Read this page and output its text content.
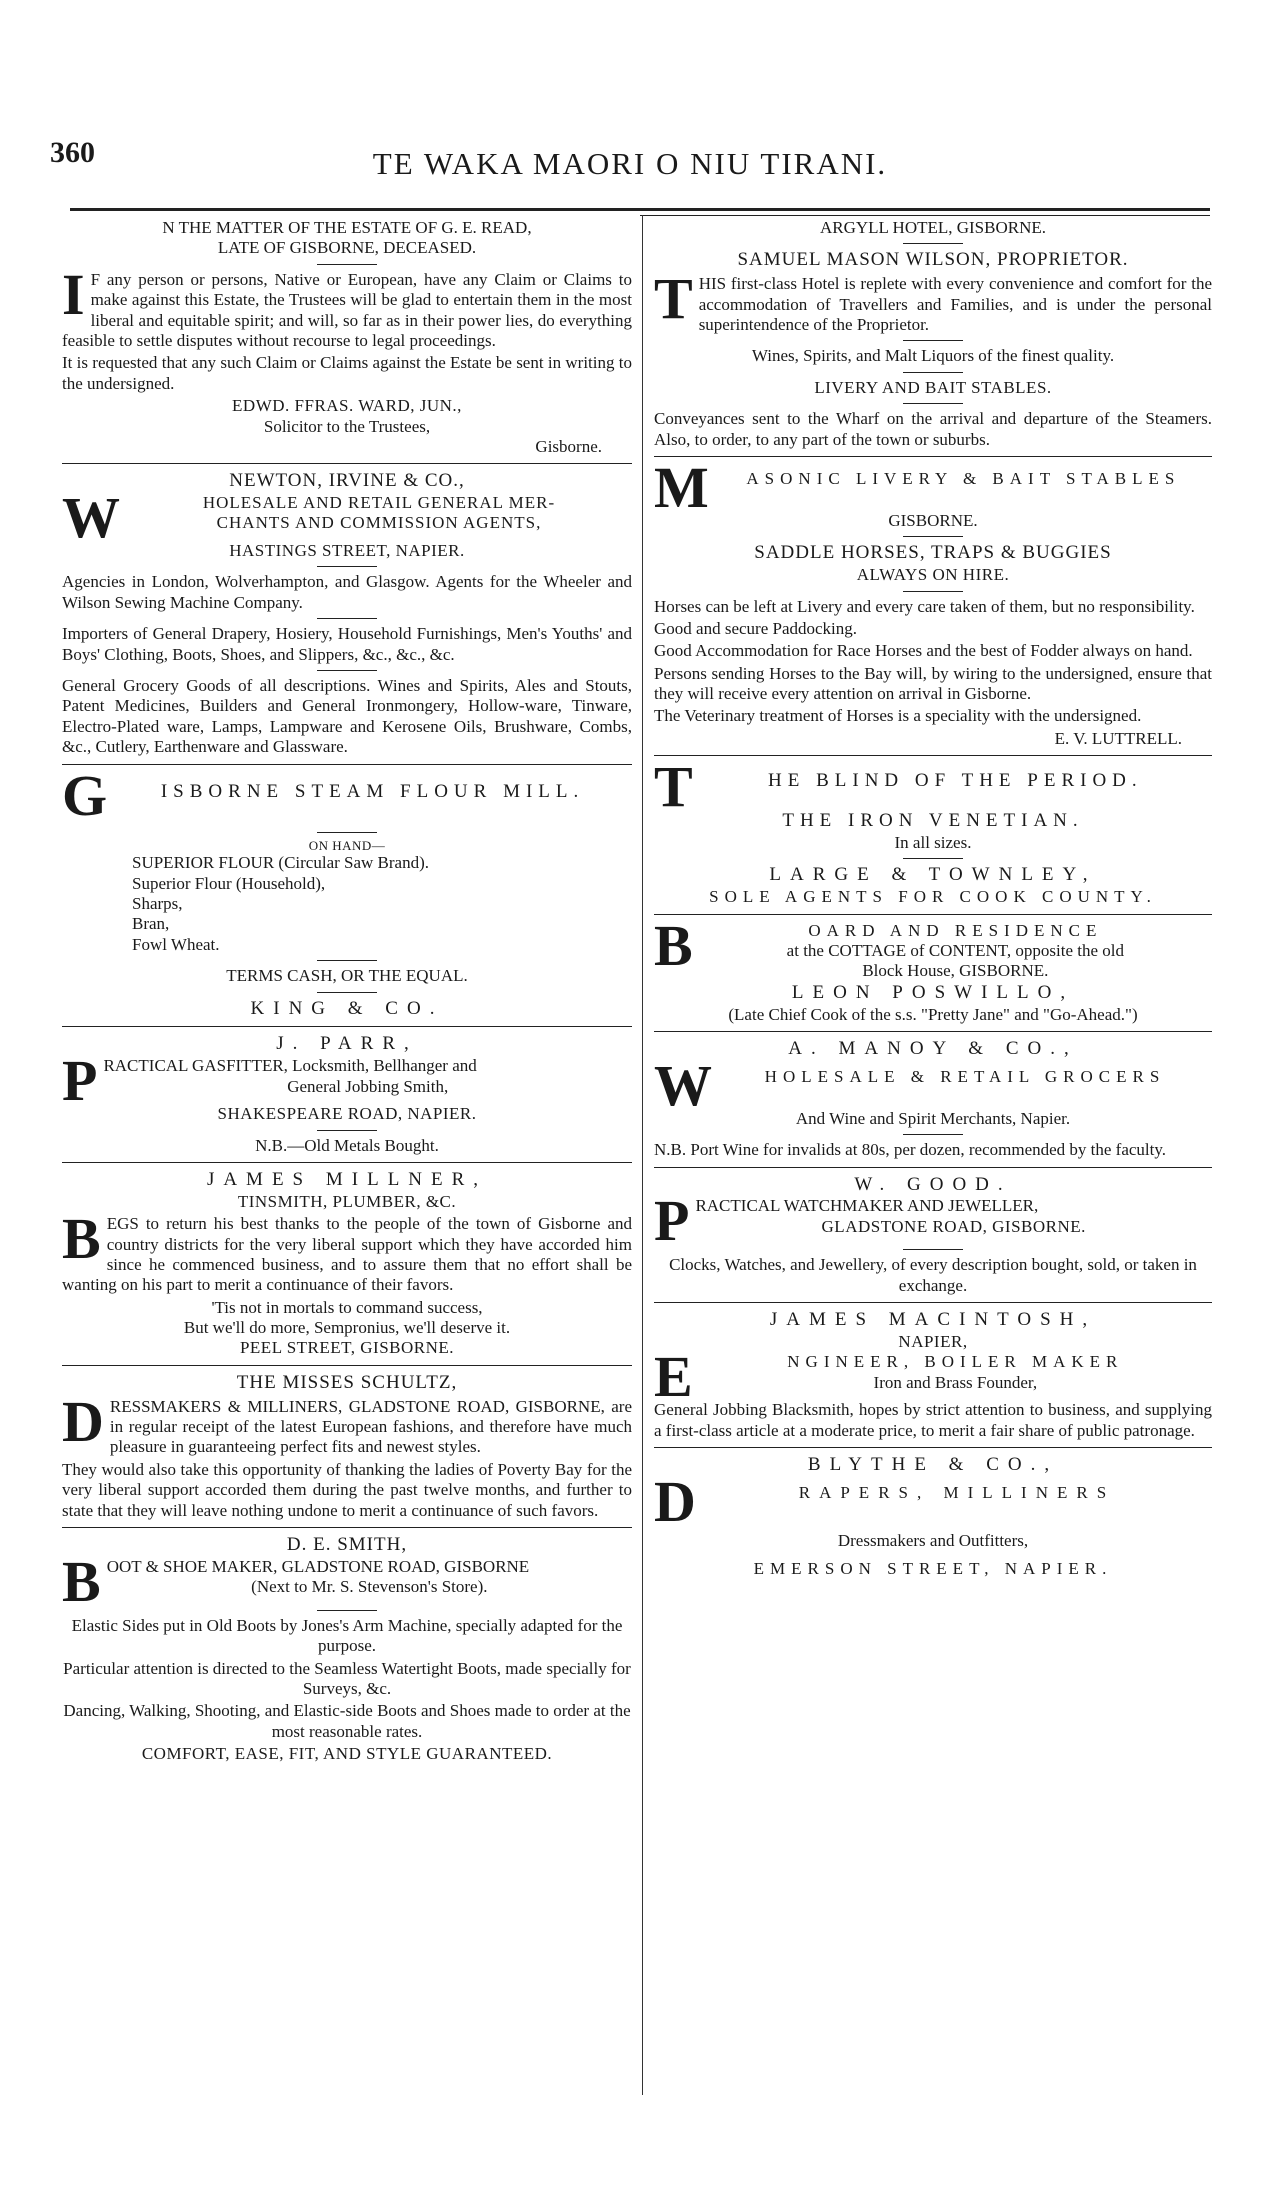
360	TE WAKA MAORI O NIU TIRANI.
N THE MATTER OF THE ESTATE OF G. E. READ,
LATE OF GISBORNE, DECEASED.

I F any person or persons, Native or European, have any Claim or Claims to make against this Estate, the Trustees will be glad to entertain them in the most liberal and equitable spirit; and will, so far as in their power lies, do everything feasible to settle disputes without recourse to legal proceedings.

It is requested that any such Claim or Claims against the Estate be sent in writing to the undersigned.

EDWD. FFRAS. WARD, JUN.,
Solicitor to the Trustees,
Gisborne.
NEWTON, IRVINE & CO.,
W	HOLESALE AND RETAIL GENERAL MER-
CHANTS AND COMMISSION AGENTS,
HASTINGS STREET, NAPIER.

Agencies in London, Wolverhampton, and Glasgow. Agents for the Wheeler and Wilson Sewing Machine Company.

Importers of General Drapery, Hosiery, Household Furnishings, Men's Youths' and Boys' Clothing, Boots, Shoes, and Slippers, &c., &c., &c.

General Grocery Goods of all descriptions. Wines and Spirits, Ales and Stouts, Patent Medicines, Builders and General Ironmongery, Hollow-ware, Tinware, Electro-Plated ware, Lamps, Lampware and Kerosene Oils, Brushware, Combs, &c., Cutlery, Earthenware and Glassware.

G	ISBORNE STEAM FLOUR MILL.
ON HAND—
SUPERIOR FLOUR (Circular Saw Brand).
Superior Flour (Household),
Sharps,
Bran,
Fowl Wheat.
TERMS CASH, OR THE EQUAL.
KING & CO.
J. PARR,
P RACTICAL GASFITTER, Locksmith, Bellhanger and
General Jobbing Smith,
SHAKESPEARE ROAD, NAPIER.
N.B.—Old Metals Bought.
JAMES MILLNER,
TINSMITH, PLUMBER, &C.

BEGS to return his best thanks to the people of the town of Gisborne and country districts for the very liberal support which they have accorded him since he commenced business, and to assure them that no effort shall be wanting on his part to merit a continuance of their favors.

'Tis not in mortals to command success,
But we'll do more, Sempronius, we'll deserve it.
PEEL STREET, GISBORNE.
THE MISSES SCHULTZ,

DRESSMAKERS & MILLINERS, GLADSTONE ROAD, GISBORNE, are in regular receipt of the latest European fashions, and therefore have much pleasure in guaranteeing perfect fits and newest styles.

They would also take this opportunity of thanking the ladies of Poverty Bay for the very liberal support accorded them during the past twelve months, and further to state that they will leave nothing undone to merit a continuance of such favors.

D. E. SMITH,
B OOT & SHOE MAKER, GLADSTONE ROAD, GISBORNE
(Next to Mr. S. Stevenson's Store).

Elastic Sides put in Old Boots by Jones's Arm Machine, specially adapted for the purpose.

Particular attention is directed to the Seamless Watertight Boots, made specially for Surveys, &c.

Dancing, Walking, Shooting, and Elastic-side Boots and Shoes made to order at the most reasonable rates.

COMFORT, EASE, FIT, AND STYLE GUARANTEED.
ARGYLL HOTEL, GISBORNE.
SAMUEL MASON WILSON, PROPRIETOR.

THIS first-class Hotel is replete with every convenience and comfort for the accommodation of Travellers and Families, and is under the personal superintendence of the Proprietor.

Wines, Spirits, and Malt Liquors of the finest quality.
LIVERY AND BAIT STABLES.

Conveyances sent to the Wharf on the arrival and departure of the Steamers. Also, to order, to any part of the town or suburbs.

M	ASONIC LIVERY & BAIT STABLES
GISBORNE.
SADDLE HORSES, TRAPS & BUGGIES
ALWAYS ON HIRE.

Horses can be left at Livery and every care taken of them, but no responsibility.

Good and secure Paddocking.

Good Accommodation for Race Horses and the best of Fodder always on hand.

Persons sending Horses to the Bay will, by wiring to the undersigned, ensure that they will receive every attention on arrival in Gisborne.

The Veterinary treatment of Horses is a speciality with the undersigned.

E. V. LUTTRELL.
T	HE BLIND OF THE PERIOD.
THE IRON VENETIAN.
In all sizes.
LARGE & TOWNLEY,
SOLE AGENTS FOR COOK COUNTY.
B	OARD AND RESIDENCE
at the COTTAGE of CONTENT, opposite the old
Block House, GISBORNE.
LEON POSWILLO,
(Late Chief Cook of the s.s. "Pretty Jane" and "Go-Ahead.")
A. MANOY & CO.,
W	HOLESALE & RETAIL GROCERS
And Wine and Spirit Merchants, Napier.

N.B. Port Wine for invalids at 80s, per dozen, recommended by the faculty.

W. GOOD.
P RACTICAL WATCHMAKER AND JEWELLER,
GLADSTONE ROAD, GISBORNE.

Clocks, Watches, and Jewellery, of every description bought, sold, or taken in exchange.

JAMES MACINTOSH,
NAPIER,
E	NGINEER, BOILER MAKER
Iron and Brass Founder,

General Jobbing Blacksmith, hopes by strict attention to business, and supplying a first-class article at a moderate price, to merit a fair share of public patronage.

BLYTHE & CO.,
D	RAPERS, MILLINERS
Dressmakers and Outfitters,
EMERSON STREET, NAPIER.
